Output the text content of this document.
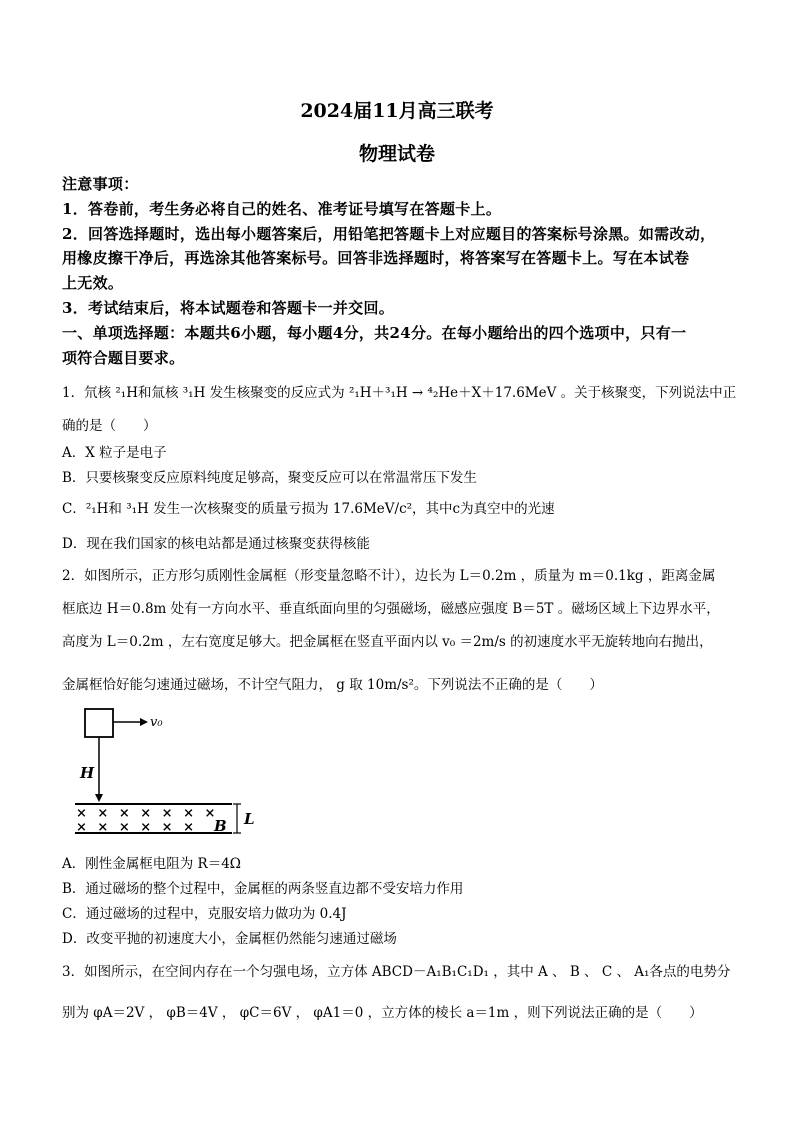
2024届11月高三联考
物理试卷
注意事项：
1．答卷前，考生务必将自己的姓名、准考证号填写在答题卡上。
2．回答选择题时，选出每小题答案后，用铅笔把答题卡上对应题目的答案标号涂黑。如需改动，
用橡皮擦干净后，再选涂其他答案标号。回答非选择题时，将答案写在答题卡上。写在本试卷
上无效。
3．考试结束后，将本试题卷和答题卡一并交回。
一、单项选择题：本题共6小题，每小题4分，共24分。在每小题给出的四个选项中，只有一
项符合题目要求。
1．氘核 ²₁H和氚核 ³₁H 发生核聚变的反应式为 ²₁H＋³₁H → ⁴₂He＋X＋17.6MeV 。关于核聚变，下列说法中正
确的是（　　）
A．X 粒子是电子
B．只要核聚变反应原料纯度足够高，聚变反应可以在常温常压下发生
C．²₁H和 ³₁H 发生一次核聚变的质量亏损为 17.6MeV/c²，其中c为真空中的光速
D．现在我们国家的核电站都是通过核聚变获得核能
2．如图所示，正方形匀质刚性金属框（形变量忽略不计），边长为 L＝0.2m ，质量为 m＝0.1kg ，距离金属
框底边 H＝0.8m 处有一方向水平、垂直纸面向里的匀强磁场，磁感应强度 B＝5T 。磁场区域上下边界水平，
高度为 L＝0.2m ，左右宽度足够大。把金属框在竖直平面内以 v₀ ＝2m/s 的初速度水平无旋转地向右抛出，
金属框恰好能匀速通过磁场，不计空气阻力， g 取 10m/s²。下列说法不正确的是（　　）
v₀
H
× × × × × × ×
× × × × × × B L
A．刚性金属框电阻为 R＝4Ω
B．通过磁场的整个过程中，金属框的两条竖直边都不受安培力作用
C．通过磁场的过程中，克服安培力做功为 0.4J
D．改变平抛的初速度大小，金属框仍然能匀速通过磁场
3．如图所示，在空间内存在一个匀强电场，立方体 ABCD－A₁B₁C₁D₁ ，其中 A 、 B 、 C 、 A₁各点的电势分
别为 φA＝2V ， φB＝4V ， φC＝6V ， φA1＝0 ，立方体的棱长 a＝1m ，则下列说法正确的是（　　）
